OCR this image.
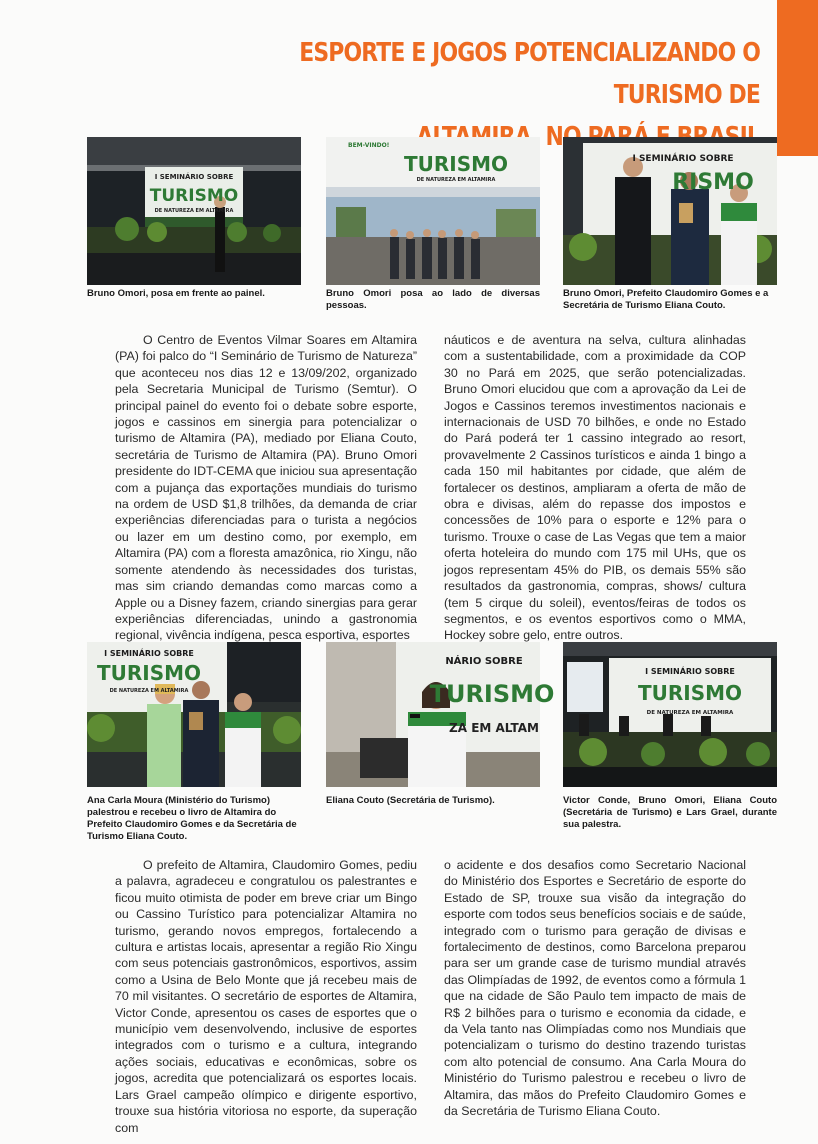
ESPORTE E JOGOS POTENCIALIZANDO O TURISMO DE
I SEMINÁRIO SOBRE
TURISMO
DE NATUREZA EM ALTAMIRA
Bruno Omori, posa em frente ao painel.
BEM-VINDO!
TURISMO
DE NATUREZA EM ALTAMIRA
Bruno Omori posa ao lado de diversas pessoas.
I SEMINÁRIO SOBRE
RISMO
Bruno Omori, Prefeito Claudomiro Gomes e a Secretária de Turismo Eliana Couto.

O Centro de Eventos Vilmar Soares em Altamira (PA) foi palco do “I Seminário de Turismo de Natureza” que aconteceu nos dias 12 e 13/09/202, organizado pela Secretaria Municipal de Turismo (Semtur). O principal painel do evento foi o debate sobre esporte, jogos e cassinos em sinergia para potencializar o turismo de Altamira (PA), mediado por Eliana Couto, secretária de Turismo de Altamira (PA). Bruno Omori presidente do IDT-CEMA que iniciou sua apresentação com a pujança das exportações mundiais do turismo na ordem de USD $1,8 trilhões, da demanda de criar experiências diferenciadas para o turista a negócios ou lazer em um destino como, por exemplo, em Altamira (PA) com a floresta amazônica, rio Xingu, não somente atendendo às necessidades dos turistas, mas sim criando demandas como marcas como a Apple ou a Disney fazem, criando sinergias para gerar experiências diferenciadas, unindo a gastronomia regional, vivência indígena, pesca esportiva, esportes

náuticos e de aventura na selva, cultura alinhadas com a sustentabilidade, com a proximidade da COP 30 no Pará em 2025, que serão potencializadas. Bruno Omori elucidou que com a aprovação da Lei de Jogos e Cassinos teremos investimentos nacionais e internacionais de USD 70 bilhões, e onde no Estado do Pará poderá ter 1 cassino integrado ao resort, provavelmente 2 Cassinos turísticos e ainda 1 bingo a cada 150 mil habitantes por cidade, que além de fortalecer os destinos, ampliaram a oferta de mão de obra e divisas, além do repasse dos impostos e concessões de 10% para o esporte e 12% para o turismo. Trouxe o case de Las Vegas que tem a maior oferta hoteleira do mundo com 175 mil UHs, que os jogos representam 45% do PIB, os demais 55% são resultados da gastronomia, compras, shows/ cultura (tem 5 cirque du soleil), eventos/feiras de todos os segmentos, e os eventos esportivos como o MMA, Hockey sobre gelo, entre outros.

I SEMINÁRIO SOBRE
TURISMO
DE NATUREZA EM ALTAMIRA
Ana Carla Moura (Ministério do Turismo) palestrou e recebeu o livro de Altamira do Prefeito Claudomiro Gomes e da Secretária de Turismo Eliana Couto.
NÁRIO SOBRE
TURISMO
ZA EM ALTAM
Eliana Couto (Secretária de Turismo).
I SEMINÁRIO SOBRE
TURISMO
DE NATUREZA EM ALTAMIRA
Victor Conde, Bruno Omori, Eliana Couto (Secretária de Turismo) e Lars Grael, durante sua palestra.

O prefeito de Altamira, Claudomiro Gomes, pediu a palavra, agradeceu e congratulou os palestrantes e ficou muito otimista de poder em breve criar um Bingo ou Cassino Turístico para potencializar Altamira no turismo, gerando novos empregos, fortalecendo a cultura e artistas locais, apresentar a região Rio Xingu com seus potenciais gastronômicos, esportivos, assim como a Usina de Belo Monte que já recebeu mais de 70 mil visitantes. O secretário de esportes de Altamira, Victor Conde, apresentou os cases de esportes que o município vem desenvolvendo, inclusive de esportes integrados com o turismo e a cultura, integrando ações sociais, educativas e econômicas, sobre os jogos, acredita que potencializará os esportes locais. Lars Grael campeão olímpico e dirigente esportivo, trouxe sua história vitoriosa no esporte, da superação com

o acidente e dos desafios como Secretario Nacional do Ministério dos Esportes e Secretário de esporte do Estado de SP, trouxe sua visão da integração do esporte com todos seus benefícios sociais e de saúde, integrado com o turismo para geração de divisas e fortalecimento de destinos, como Barcelona preparou para ser um grande case de turismo mundial através das Olimpíadas de 1992, de eventos como a fórmula 1 que na cidade de São Paulo tem impacto de mais de R$ 2 bilhões para o turismo e economia da cidade, e da Vela tanto nas Olimpíadas como nos Mundiais que potencializam o turismo do destino trazendo turistas com alto potencial de consumo. Ana Carla Moura do Ministério do Turismo palestrou e recebeu o livro de Altamira, das mãos do Prefeito Claudomiro Gomes e da Secretária de Turismo Eliana Couto.
